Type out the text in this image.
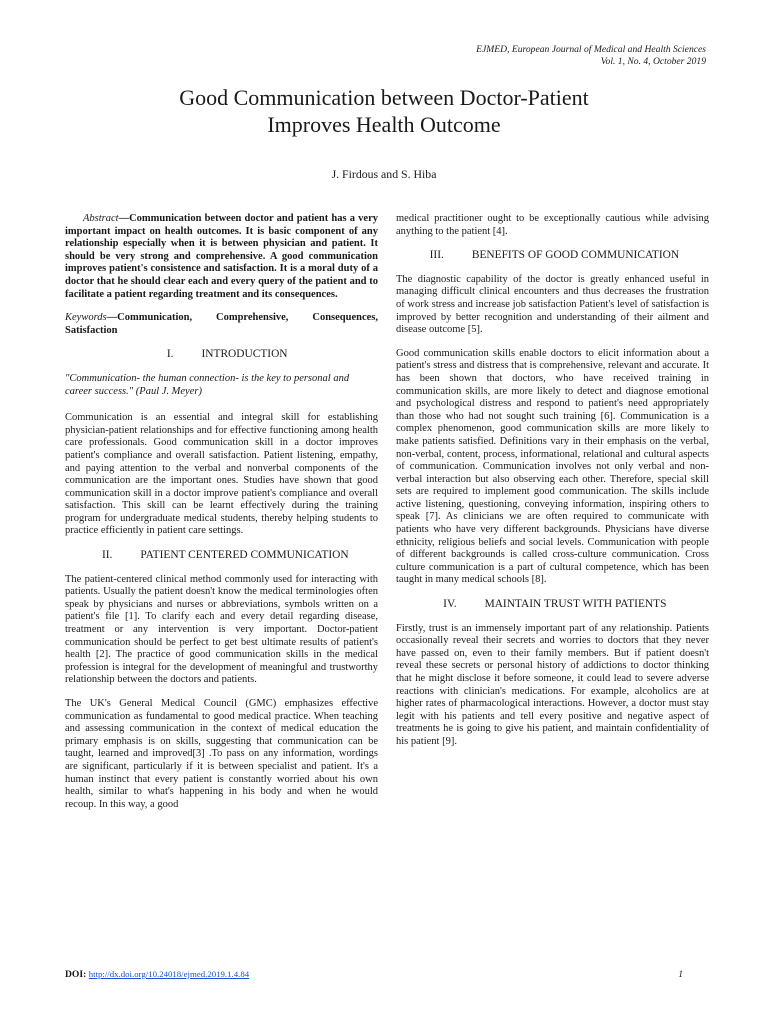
EJMED, European Journal of Medical and Health Sciences
Vol. 1, No. 4, October 2019
Good Communication between Doctor-Patient
Improves Health Outcome
J. Firdous and S. Hiba

Abstract—Communication between doctor and patient has a very important impact on health outcomes. It is basic component of any relationship especially when it is between physician and patient. It should be very strong and comprehensive. A good communication improves patient's consistence and satisfaction. It is a moral duty of a doctor that he should clear each and every query of the patient and to facilitate a patient regarding treatment and its consequences.

Keywords—Communication, Comprehensive, Consequences, Satisfaction

I. INTRODUCTION

"Communication- the human connection- is the key to personal and career success." (Paul J. Meyer)

Communication is an essential and integral skill for establishing physician-patient relationships and for effective functioning among health care professionals. Good communication skill in a doctor improves patient's compliance and overall satisfaction. Patient listening, empathy, and paying attention to the verbal and nonverbal components of the communication are the important ones. Studies have shown that good communication skill in a doctor improve patient's compliance and overall satisfaction. This skill can be learnt effectively during the training program for undergraduate medical students, thereby helping students to practice efficiently in patient care settings.

II. PATIENT CENTERED COMMUNICATION

The patient-centered clinical method commonly used for interacting with patients. Usually the patient doesn't know the medical terminologies often speak by physicians and nurses or abbreviations, symbols written on a patient's file [1]. To clarify each and every detail regarding disease, treatment or any intervention is very important. Doctor-patient communication should be perfect to get best ultimate results of patient's health [2]. The practice of good communication skills in the medical profession is integral for the development of meaningful and trustworthy relationship between the doctors and patients.

The UK's General Medical Council (GMC) emphasizes effective communication as fundamental to good medical practice. When teaching and assessing communication in the context of medical education the primary emphasis is on skills, suggesting that communication can be taught, learned and improved[3] .To pass on any information, wordings are significant, particularly if it is between specialist and patient. It's a human instinct that every patient is constantly worried about his own health, similar to what's happening in his body and when he would recoup. In this way, a good

medical practitioner ought to be exceptionally cautious while advising anything to the patient [4].

III. BENEFITS OF GOOD COMMUNICATION

The diagnostic capability of the doctor is greatly enhanced useful in managing difficult clinical encounters and thus decreases the frustration of work stress and increase job satisfaction Patient's level of satisfaction is improved by better recognition and understanding of their ailment and disease outcome [5].

Good communication skills enable doctors to elicit information about a patient's stress and distress that is comprehensive, relevant and accurate. It has been shown that doctors, who have received training in communication skills, are more likely to detect and diagnose emotional and psychological distress and respond to patient's need appropriately than those who had not sought such training [6]. Communication is a complex phenomenon, good communication skills are more likely to make patients satisfied. Definitions vary in their emphasis on the verbal, non-verbal, content, process, informational, relational and cultural aspects of communication. Communication involves not only verbal and non-verbal interaction but also observing each other. Therefore, special skill sets are required to implement good communication. The skills include active listening, questioning, conveying information, inspiring others to speak [7]. As clinicians we are often required to communicate with patients who have very different backgrounds. Physicians have diverse ethnicity, religious beliefs and social levels. Communication with people of different backgrounds is called cross-culture communication. Cross culture communication is a part of cultural competence, which has been taught in many medical schools [8].

IV. MAINTAIN TRUST WITH PATIENTS

Firstly, trust is an immensely important part of any relationship. Patients occasionally reveal their secrets and worries to doctors that they never have passed on, even to their family members. But if patient doesn't reveal these secrets or personal history of addictions to doctor thinking that he might disclose it before someone, it could lead to severe adverse reactions with clinician's medications. For example, alcoholics are at higher rates of pharmacological interactions. However, a doctor must stay legit with his patients and tell every positive and negative aspect of treatments he is going to give his patient, and maintain confidentiality of his patient [9].

DOI: http://dx.doi.org/10.24018/ejmed.2019.1.4.84	1
